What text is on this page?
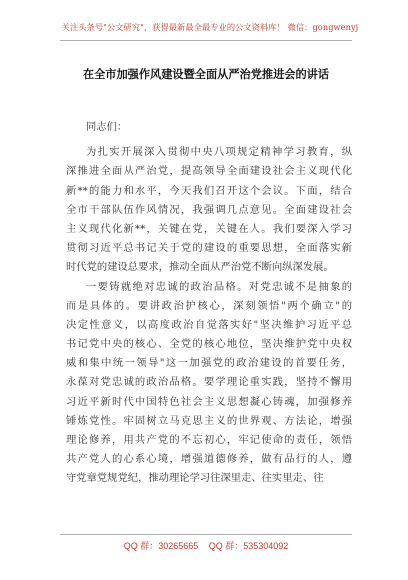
关注头条号"公文研究"，获得最新最全最专业的公文资料库！ 微信：gongwenyj
在全市加强作风建设暨全面从严治党推进会的讲话
同志们：
为扎实开展深入贯彻中央八项规定精神学习教育，纵
深推进全面从严治党，提高领导全面建设社会主义现代化
新**的能力和水平，今天我们召开这个会议。下面，结合
全市干部队伍作风情况，我强调几点意见。全面建设社会
主义现代化新**，关键在党，关键在人。我们要深入学习
贯彻习近平总书记关于党的建设的重要思想，全面落实新
时代党的建设总要求，推动全面从严治党不断向纵深发展。
一要铸就绝对忠诚的政治品格。对党忠诚不是抽象的
而是具体的。要讲政治护核心，深刻领悟"两个确立"的
决定性意义，以高度政治自觉落实好"坚决维护习近平总
书记党中央的核心、全党的核心地位，坚决维护党中央权
威和集中统一领导"这一加强党的政治建设的首要任务，
永葆对党忠诚的政治品格。要学理论重实践，坚持不懈用
习近平新时代中国特色社会主义思想凝心铸魂，加强修养
锤炼党性。牢固树立马克思主义的世界观、方法论，增强
理论修养，用共产党的不忘初心，牢记使命的责任，领悟
共产党人的心系心境，增强道德修养，做有品行的人，遵
守党章党规党纪，推动理论学习往深里走、往实里走、往
QQ 群：30265665 QQ 群：535304092
